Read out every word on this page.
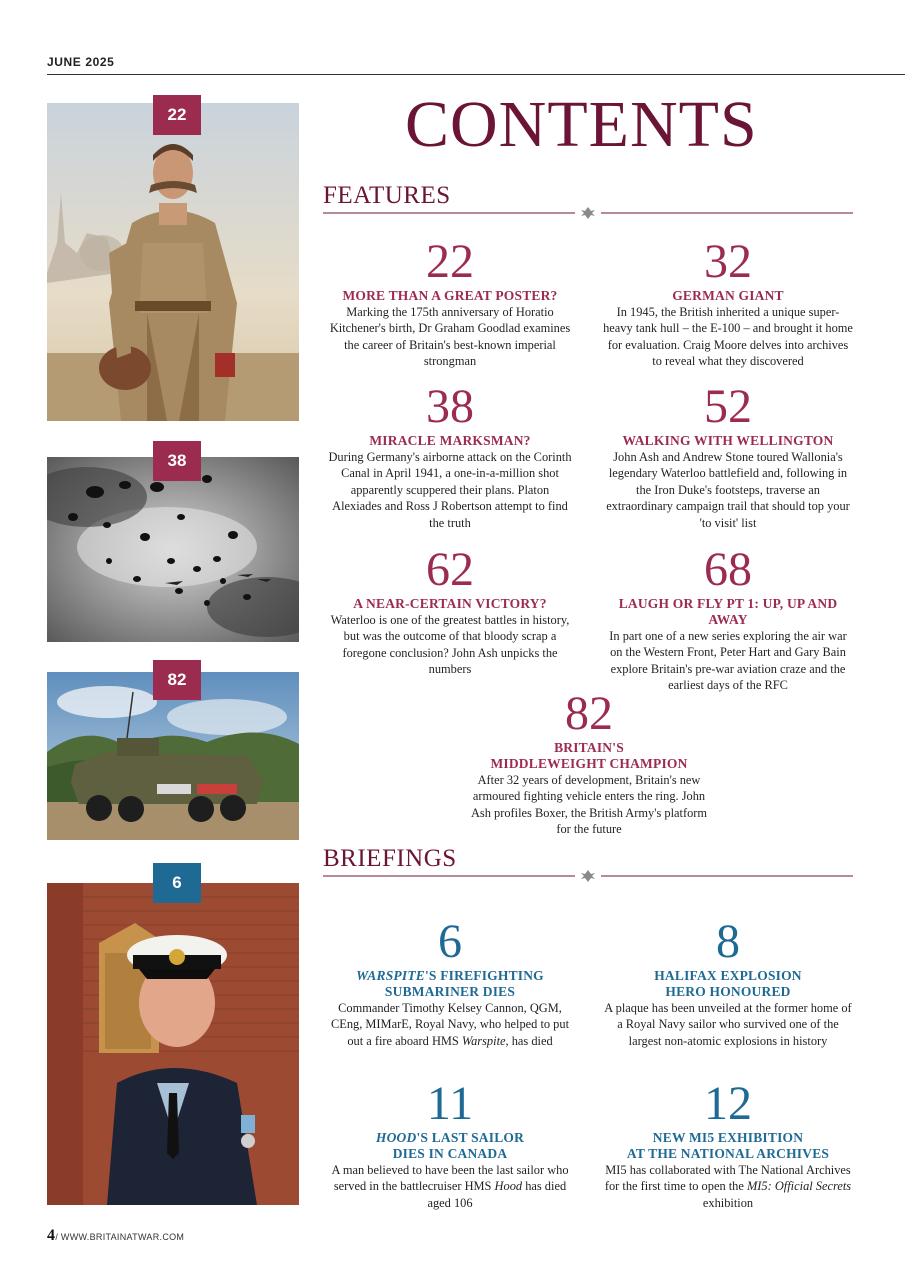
JUNE 2025
22
38
82
6
CONTENTS
FEATURES
22
MORE THAN A GREAT POSTER?
Marking the 175th anniversary of Horatio Kitchener's birth, Dr Graham Goodlad examines the career of Britain's best-known imperial strongman
32
GERMAN GIANT
In 1945, the British inherited a unique super-heavy tank hull – the E-100 – and brought it home for evaluation. Craig Moore delves into archives to reveal what they discovered
38
MIRACLE MARKSMAN?
During Germany's airborne attack on the Corinth Canal in April 1941, a one-in-a-million shot apparently scuppered their plans. Platon Alexiades and Ross J Robertson attempt to find the truth
52
WALKING WITH WELLINGTON
John Ash and Andrew Stone toured Wallonia's legendary Waterloo battlefield and, following in the Iron Duke's footsteps, traverse an extraordinary campaign trail that should top your 'to visit' list
62
A NEAR-CERTAIN VICTORY?
Waterloo is one of the greatest battles in history, but was the outcome of that bloody scrap a foregone conclusion? John Ash unpicks the numbers
68
LAUGH OR FLY PT 1: UP, UP AND AWAY
In part one of a new series exploring the air war on the Western Front, Peter Hart and Gary Bain explore Britain's pre-war aviation craze and the earliest days of the RFC
82
BRITAIN'S
MIDDLEWEIGHT CHAMPION
After 32 years of development, Britain's new armoured fighting vehicle enters the ring. John Ash profiles Boxer, the British Army's platform for the future
BRIEFINGS
6
WARSPITE'S FIREFIGHTING
SUBMARINER DIES
Commander Timothy Kelsey Cannon, QGM, CEng, MIMarE, Royal Navy, who helped to put out a fire aboard HMS Warspite, has died
8
HALIFAX EXPLOSION
HERO HONOURED
A plaque has been unveiled at the former home of a Royal Navy sailor who survived one of the largest non-atomic explosions in history
11
HOOD'S LAST SAILOR
DIES IN CANADA
A man believed to have been the last sailor who served in the battlecruiser HMS Hood has died aged 106
12
NEW MI5 EXHIBITION
AT THE NATIONAL ARCHIVES
MI5 has collaborated with The National Archives for the first time to open the MI5: Official Secrets exhibition
4/ WWW.BRITAINATWAR.COM
